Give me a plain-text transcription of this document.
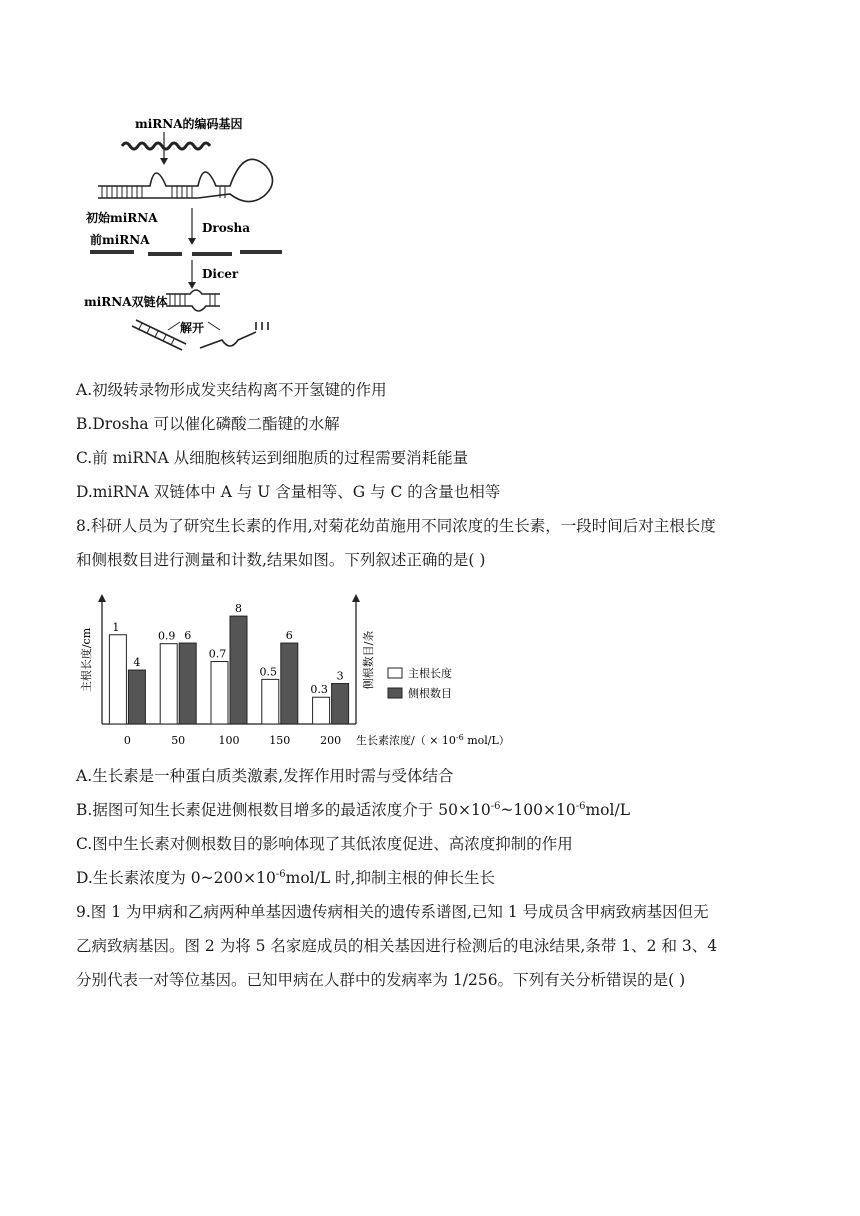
miRNA的编码基因
初始miRNA
Drosha
前miRNA
Dicer
miRNA双链体
解开
A.初级转录物形成发夹结构离不开氢键的作用
B.Drosha 可以催化磷酸二酯键的水解
C.前 miRNA 从细胞核转运到细胞质的过程需要消耗能量
D.miRNA 双链体中 A 与 U 含量相等、G 与 C 的含量也相等
8.科研人员为了研究生长素的作用,对菊花幼苗施用不同浓度的生长素，一段时间后对主根长度
和侧根数目进行测量和计数,结果如图。下列叙述正确的是( )
主根长度/cm	侧根数目/条
1
4
0
0.9 6
50
0.7
8
100
0.5
6
150
0.3
3
200 生长素浓度/（ × $10^{-6}$ mol/L）
主根长度
侧根数目
A.生长素是一种蛋白质类激素,发挥作用时需与受体结合
B.据图可知生长素促进侧根数目增多的最适浓度介于 $50\times 10^{-6}\sim 100\times 10^{-6}mol/L$
C.图中生长素对侧根数目的影响体现了其低浓度促进、高浓度抑制的作用
D.生长素浓度为 $0\sim 200\times 10^{-6}mol/L$ 时,抑制主根的伸长生长
9.图 1 为甲病和乙病两种单基因遗传病相关的遗传系谱图,已知 1 号成员含甲病致病基因但无
乙病致病基因。图 2 为将 5 名家庭成员的相关基因进行检测后的电泳结果,条带 1、2 和 3、4
分别代表一对等位基因。已知甲病在人群中的发病率为 1/256。下列有关分析错误的是( )
